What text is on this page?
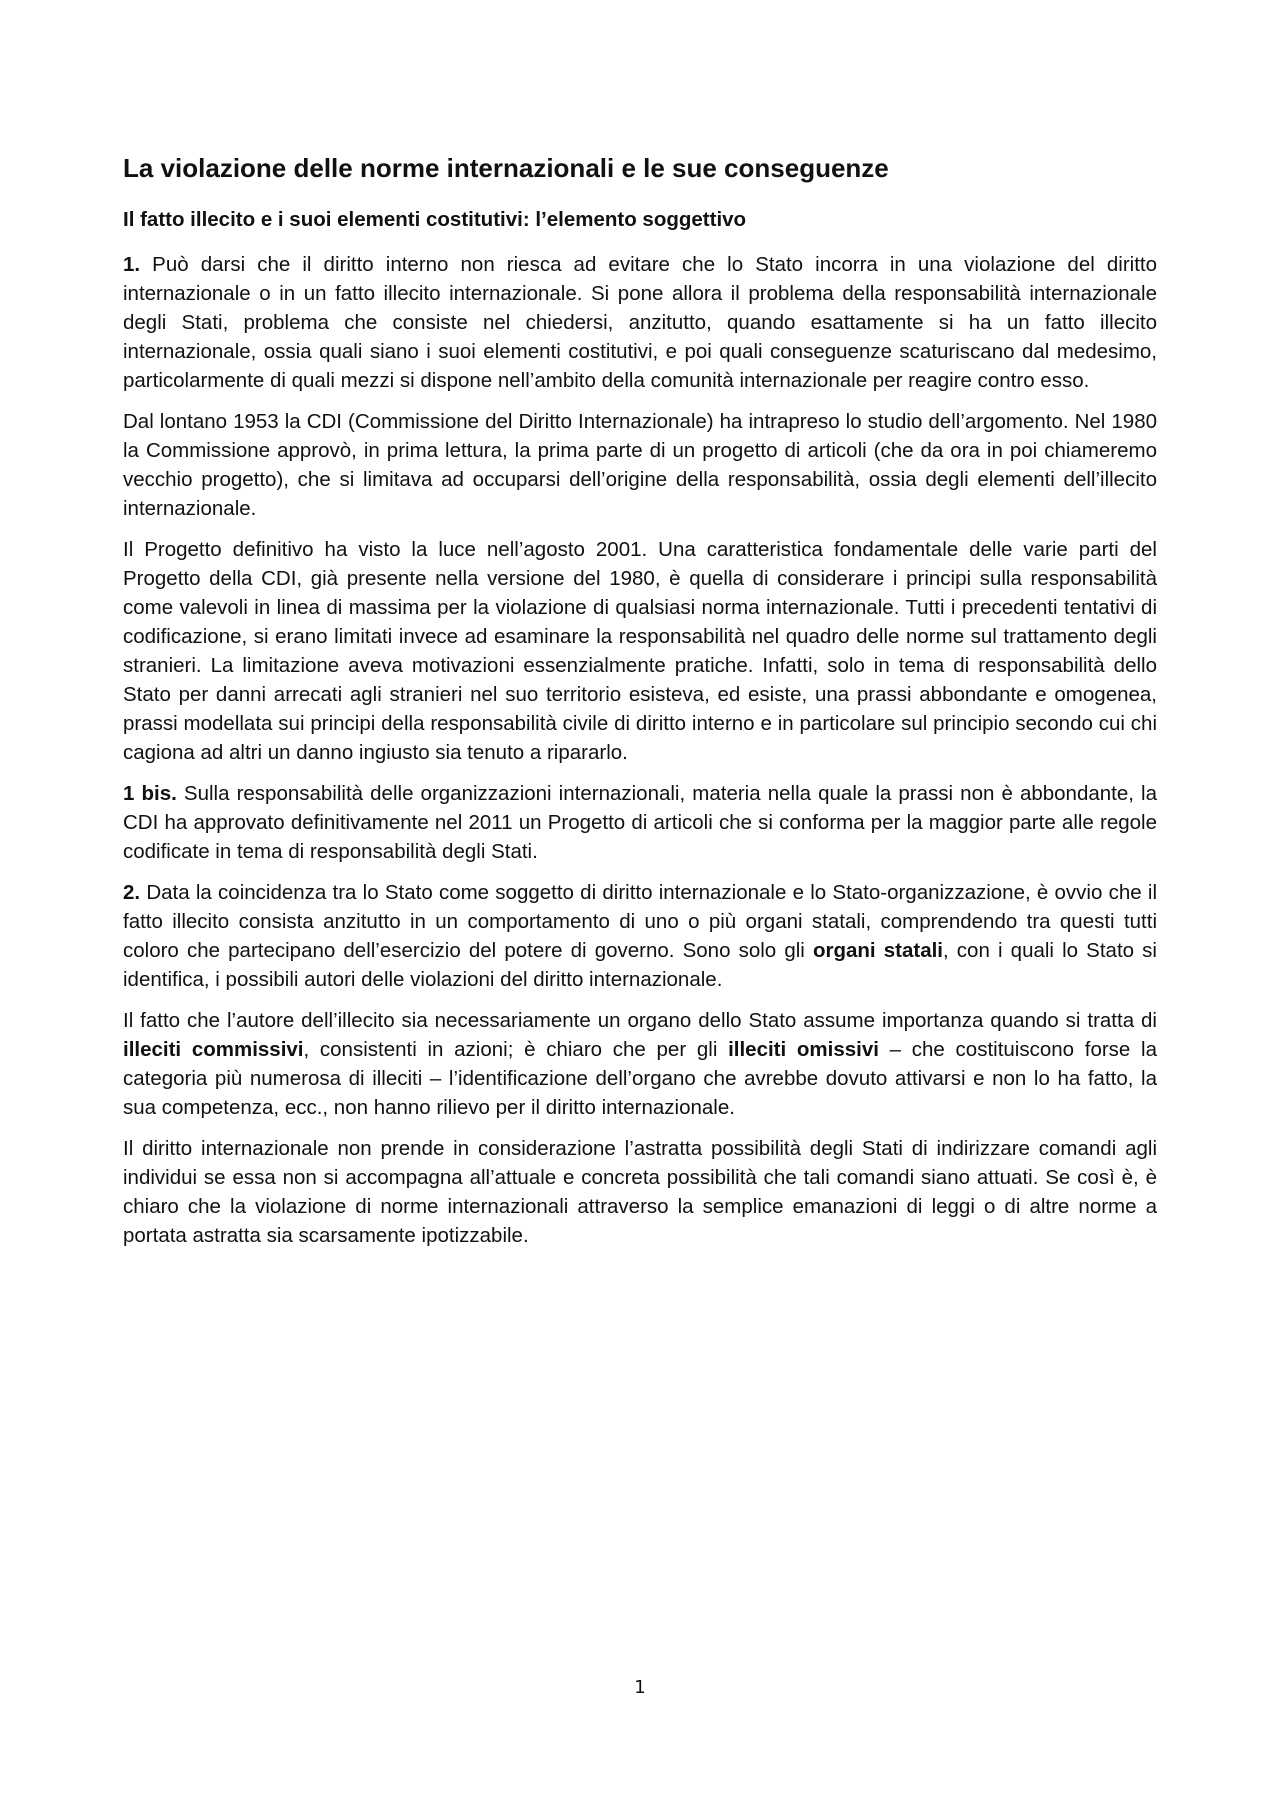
La violazione delle norme internazionali e le sue conseguenze
Il fatto illecito e i suoi elementi costitutivi: l’elemento soggettivo

1. Può darsi che il diritto interno non riesca ad evitare che lo Stato incorra in una violazione del diritto internazionale o in un fatto illecito internazionale. Si pone allora il problema della responsabilità internazionale degli Stati, problema che consiste nel chiedersi, anzitutto, quando esattamente si ha un fatto illecito internazionale, ossia quali siano i suoi elementi costitutivi, e poi quali conseguenze scaturiscano dal medesimo, particolarmente di quali mezzi si dispone nell’ambito della comunità internazionale per reagire contro esso.

Dal lontano 1953 la CDI (Commissione del Diritto Internazionale) ha intrapreso lo studio dell’argomento. Nel 1980 la Commissione approvò, in prima lettura, la prima parte di un progetto di articoli (che da ora in poi chiameremo vecchio progetto), che si limitava ad occuparsi dell’origine della responsabilità, ossia degli elementi dell’illecito internazionale.

Il Progetto definitivo ha visto la luce nell’agosto 2001. Una caratteristica fondamentale delle varie parti del Progetto della CDI, già presente nella versione del 1980, è quella di considerare i principi sulla responsabilità come valevoli in linea di massima per la violazione di qualsiasi norma internazionale. Tutti i precedenti tentativi di codificazione, si erano limitati invece ad esaminare la responsabilità nel quadro delle norme sul trattamento degli stranieri. La limitazione aveva motivazioni essenzialmente pratiche. Infatti, solo in tema di responsabilità dello Stato per danni arrecati agli stranieri nel suo territorio esisteva, ed esiste, una prassi abbondante e omogenea, prassi modellata sui principi della responsabilità civile di diritto interno e in particolare sul principio secondo cui chi cagiona ad altri un danno ingiusto sia tenuto a ripararlo.

1 bis. Sulla responsabilità delle organizzazioni internazionali, materia nella quale la prassi non è abbondante, la CDI ha approvato definitivamente nel 2011 un Progetto di articoli che si conforma per la maggior parte alle regole codificate in tema di responsabilità degli Stati.

2. Data la coincidenza tra lo Stato come soggetto di diritto internazionale e lo Stato-organizzazione, è ovvio che il fatto illecito consista anzitutto in un comportamento di uno o più organi statali, comprendendo tra questi tutti coloro che partecipano dell’esercizio del potere di governo. Sono solo gli organi statali, con i quali lo Stato si identifica, i possibili autori delle violazioni del diritto internazionale.

Il fatto che l’autore dell’illecito sia necessariamente un organo dello Stato assume importanza quando si tratta di illeciti commissivi, consistenti in azioni; è chiaro che per gli illeciti omissivi – che costituiscono forse la categoria più numerosa di illeciti – l’identificazione dell’organo che avrebbe dovuto attivarsi e non lo ha fatto, la sua competenza, ecc., non hanno rilievo per il diritto internazionale.

Il diritto internazionale non prende in considerazione l’astratta possibilità degli Stati di indirizzare comandi agli individui se essa non si accompagna all’attuale e concreta possibilità che tali comandi siano attuati. Se così è, è chiaro che la violazione di norme internazionali attraverso la semplice emanazioni di leggi o di altre norme a portata astratta sia scarsamente ipotizzabile.

1
